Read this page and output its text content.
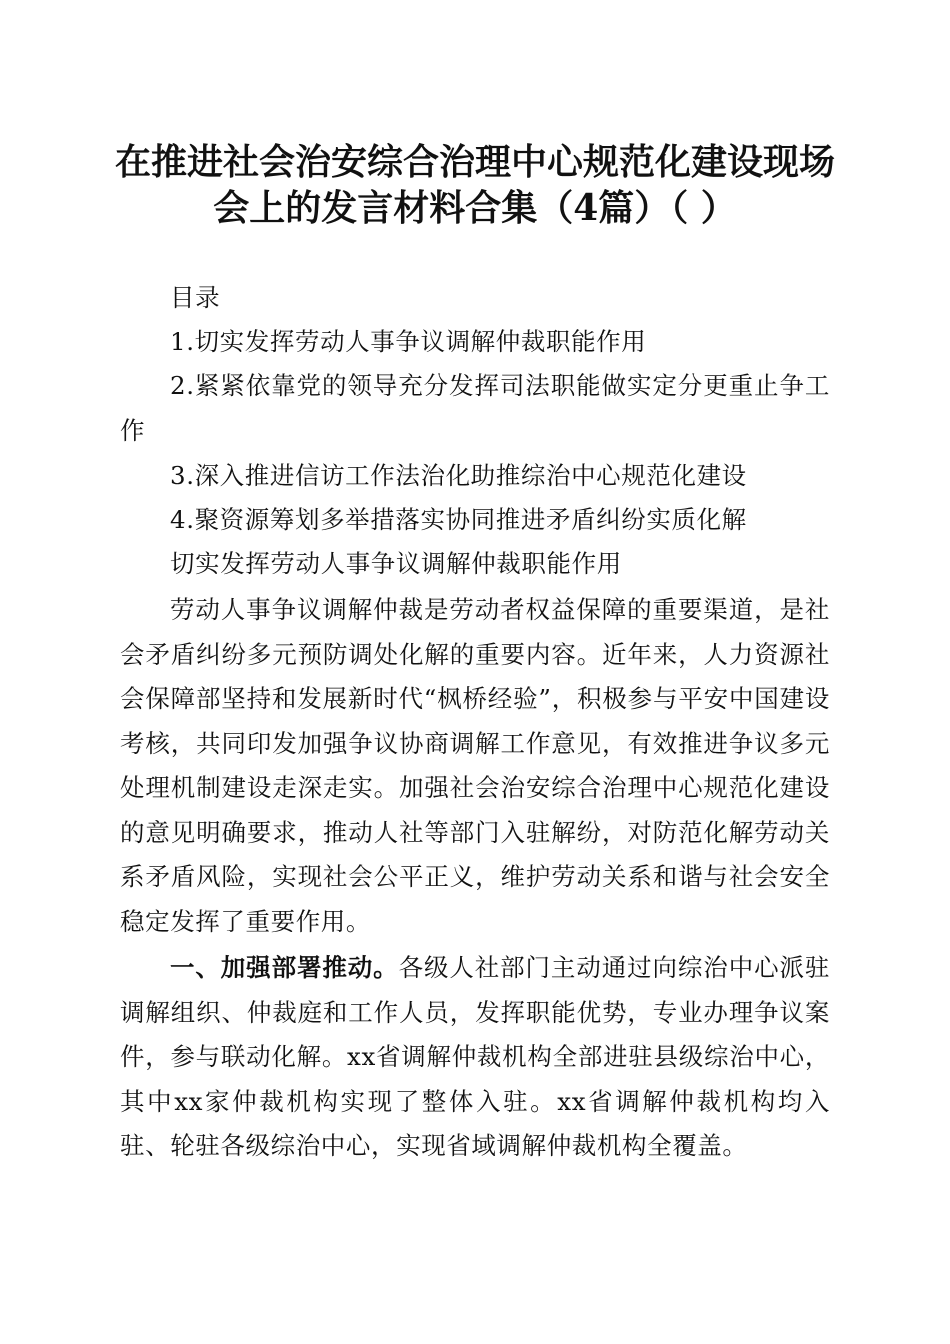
在推进社会治安综合治理中心规范化建设现场
会上的发言材料合集（4篇）（ ）
目录
1.切实发挥劳动人事争议调解仲裁职能作用
2.紧紧依靠党的领导充分发挥司法职能做实定分更重止争工作
3.深入推进信访工作法治化助推综治中心规范化建设
4.聚资源筹划多举措落实协同推进矛盾纠纷实质化解
切实发挥劳动人事争议调解仲裁职能作用
劳动人事争议调解仲裁是劳动者权益保障的重要渠道，是社会矛盾纠纷多元预防调处化解的重要内容。近年来，人力资源社会保障部坚持和发展新时代“枫桥经验”，积极参与平安中国建设考核，共同印发加强争议协商调解工作意见，有效推进争议多元处理机制建设走深走实。加强社会治安综合治理中心规范化建设的意见明确要求，推动人社等部门入驻解纷，对防范化解劳动关系矛盾风险，实现社会公平正义，维护劳动关系和谐与社会安全稳定发挥了重要作用。
一、加强部署推动。各级人社部门主动通过向综治中心派驻调解组织、仲裁庭和工作人员，发挥职能优势，专业办理争议案件，参与联动化解。xx省调解仲裁机构全部进驻县级综治中心，其中xx家仲裁机构实现了整体入驻。xx省调解仲裁机构均入驻、轮驻各级综治中心，实现省域调解仲裁机构全覆盖。
